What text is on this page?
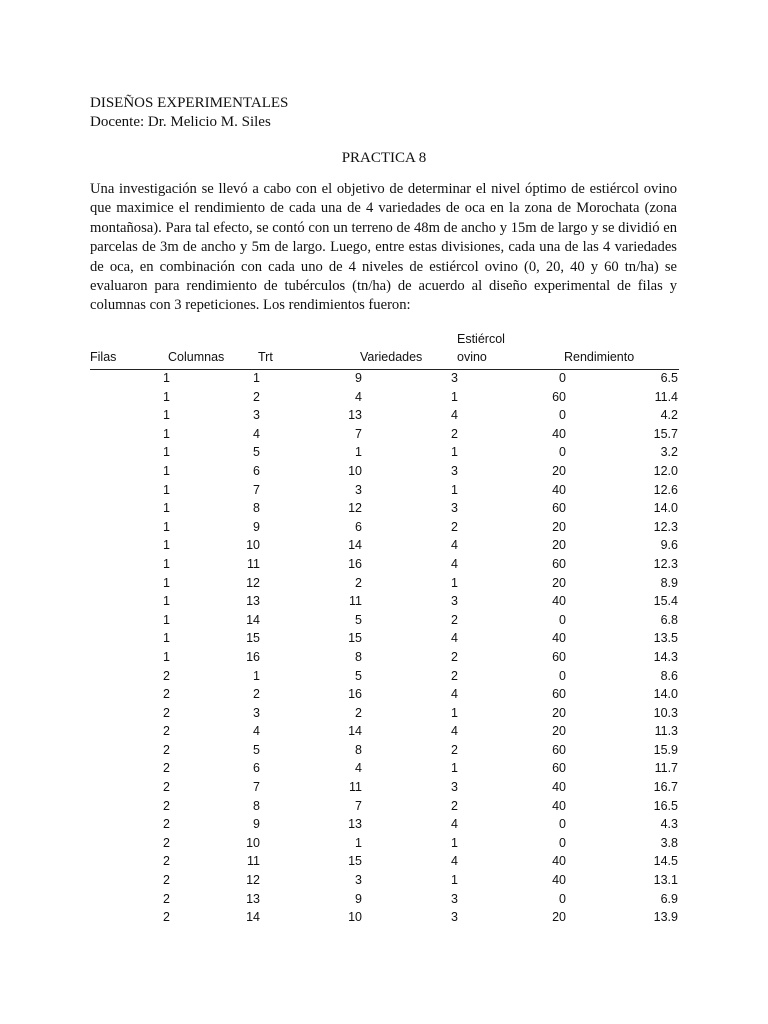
DISEÑOS EXPERIMENTALES
Docente: Dr. Melicio M. Siles
PRACTICA 8

Una investigación se llevó a cabo con el objetivo de determinar el nivel óptimo de estiércol ovino que maximice el rendimiento de cada una de 4 variedades de oca en la zona de Morochata (zona montañosa). Para tal efecto, se contó con un terreno de 48m de ancho y 15m de largo y se dividió en parcelas de 3m de ancho y 5m de largo. Luego, entre estas divisiones, cada una de las 4 variedades de oca, en combinación con cada uno de 4 niveles de estiércol ovino (0, 20, 40 y 60 tn/ha) se evaluaron para rendimiento de tubérculos (tn/ha) de acuerdo al diseño experimental de filas y columnas con 3 repeticiones. Los rendimientos fueron:

Filas	Columnas	Trt	Variedades
Estiércol
ovino	Rendimiento
1	1	9	3	0	6.5
1	2	4	1	60	11.4
1	3	13	4	0	4.2
1	4	7	2	40	15.7
1	5	1	1	0	3.2
1	6	10	3	20	12.0
1	7	3	1	40	12.6
1	8	12	3	60	14.0
1	9	6	2	20	12.3
1	10	14	4	20	9.6
1	11	16	4	60	12.3
1	12	2	1	20	8.9
1	13	11	3	40	15.4
1	14	5	2	0	6.8
1	15	15	4	40	13.5
1	16	8	2	60	14.3
2	1	5	2	0	8.6
2	2	16	4	60	14.0
2	3	2	1	20	10.3
2	4	14	4	20	11.3
2	5	8	2	60	15.9
2	6	4	1	60	11.7
2	7	11	3	40	16.7
2	8	7	2	40	16.5
2	9	13	4	0	4.3
2	10	1	1	0	3.8
2	11	15	4	40	14.5
2	12	3	1	40	13.1
2	13	9	3	0	6.9
2	14	10	3	20	13.9
